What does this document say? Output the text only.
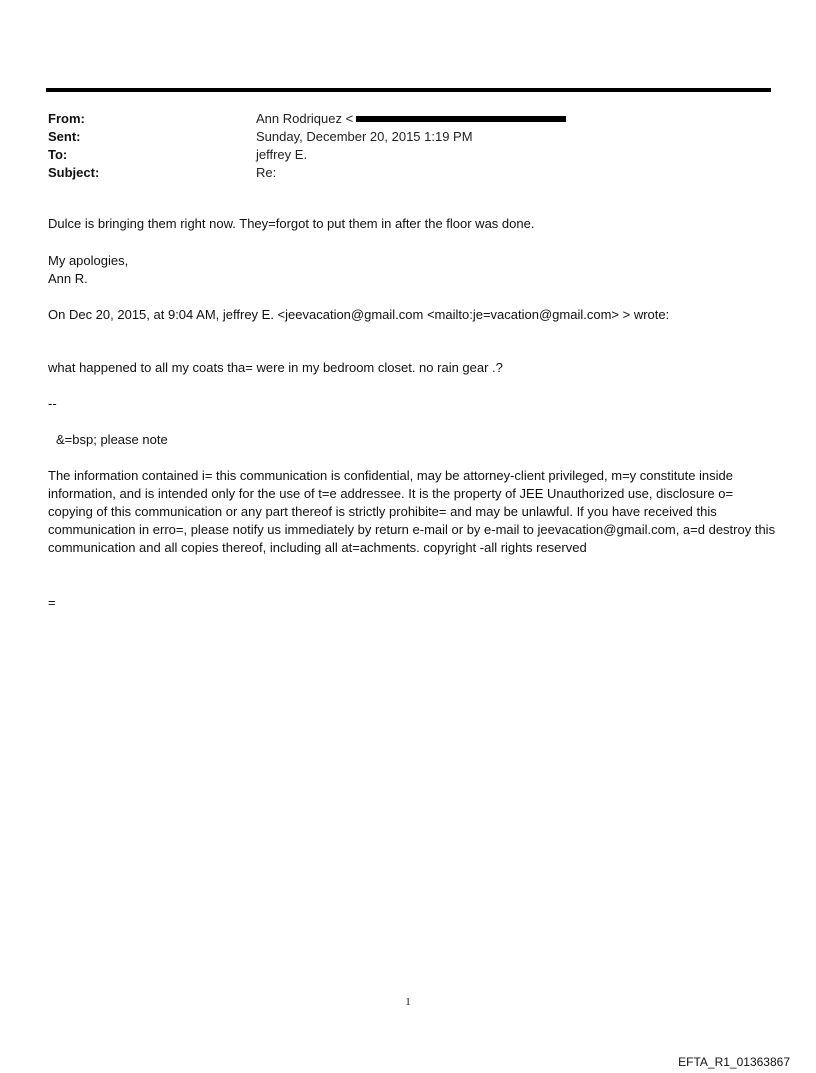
From:	Ann Rodriquez <
Sent:	Sunday, December 20, 2015 1:19 PM
To:	jeffrey E.
Subject:	Re:

Dulce is bringing them right now. They=forgot to put them in after the floor was done.

My apologies,
Ann R.

On Dec 20, 2015, at 9:04 AM, jeffrey E. <jeevacation@gmail.com <mailto:je=vacation@gmail.com> > wrote:

what happened to all my coats tha= were in my bedroom closet. no rain gear .?

--

&=bsp; please note

The information contained i= this communication is confidential, may be attorney-client privileged, m=y constitute inside information, and is intended only for the use of t=e addressee. It is the property of JEE Unauthorized use, disclosure o= copying of this communication or any part thereof is strictly prohibite= and may be unlawful. If you have received this communication in erro=, please notify us immediately by return e-mail or by e-mail to jeevacation@gmail.com, a=d destroy this communication and all copies thereof, including all at=achments. copyright -all rights reserved

=

1
EFTA_R1_01363867
